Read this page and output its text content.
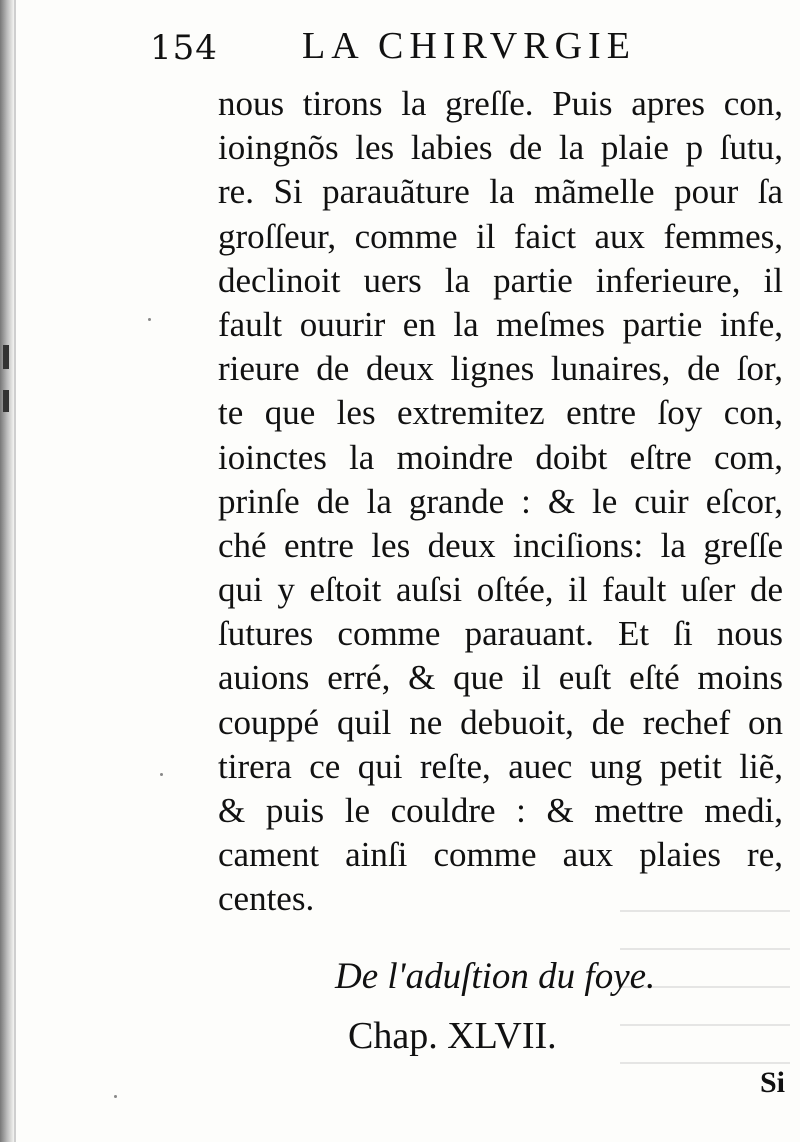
154 LA CHIRVRGIE
nous tirons la greſſe. Puis apres con,
ioingnõs les labies de la plaie p ſutu,
re. Si parauãture la mãmelle pour ſa
groſſeur, comme il faict aux femmes,
declinoit uers la partie inferieure, il
fault ouurir en la meſmes partie infe,
rieure de deux lignes lunaires, de ſor,
te que les extremitez entre ſoy con,
ioinctes la moindre doibt eſtre com,
prinſe de la grande : & le cuir eſcor,
ché entre les deux inciſions: la greſſe
qui y eſtoit auſsi oſtée, il fault uſer de
ſutures comme parauant. Et ſi nous
auions erré, & que il euſt eſté moins
couppé quil ne debuoit, de rechef on
tirera ce qui reſte, auec ung petit liẽ,
& puis le couldre : & mettre medi,
cament ainſi comme aux plaies re,
centes.
De l'aduſtion du foye.
Chap. XLVII.
Si
